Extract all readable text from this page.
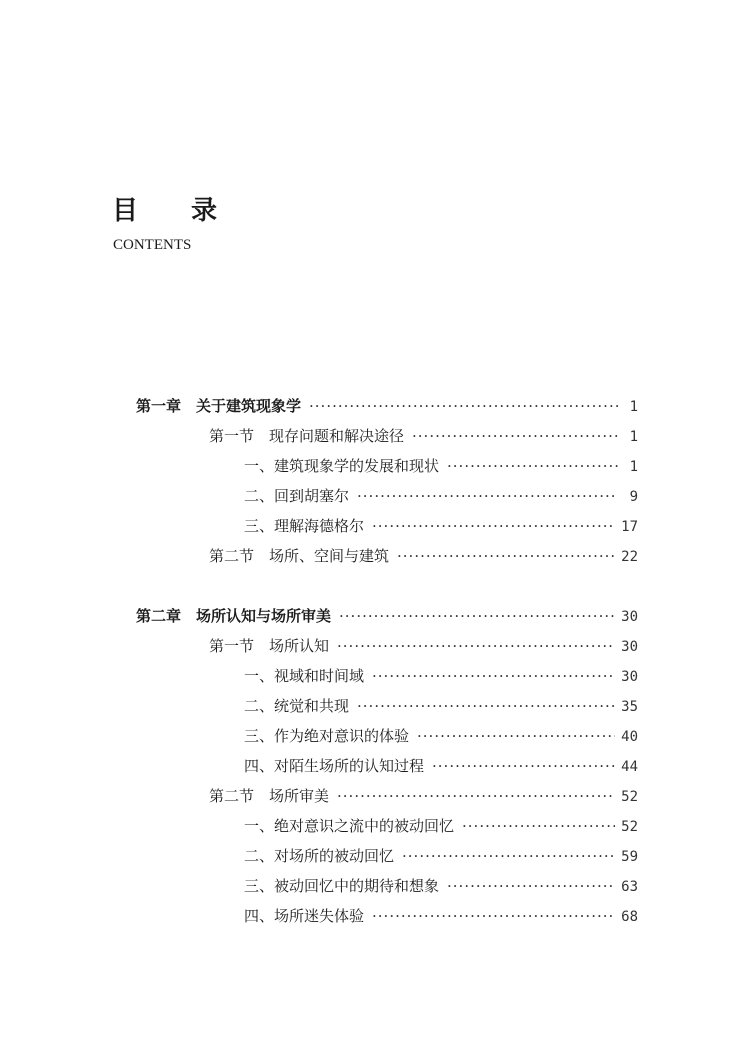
目 录
CONTENTS
第一章　关于建筑现象学 ·····	1
第一节　现存问题和解决途径 ·····	1
一、建筑现象学的发展和现状 ·····	1
二、回到胡塞尔 ·····	9
三、理解海德格尔 ·····	17
第二节　场所、空间与建筑 ·····	22
第二章　场所认知与场所审美 ·····	30
第一节　场所认知 ·····	30
一、视域和时间域 ·····	30
二、统觉和共现 ·····	35
三、作为绝对意识的体验 ·····	40
四、对陌生场所的认知过程 ·····	44
第二节　场所审美 ·····	52
一、绝对意识之流中的被动回忆 ·····	52
二、对场所的被动回忆 ·····	59
三、被动回忆中的期待和想象 ·····	63
四、场所迷失体验 ·····	68
